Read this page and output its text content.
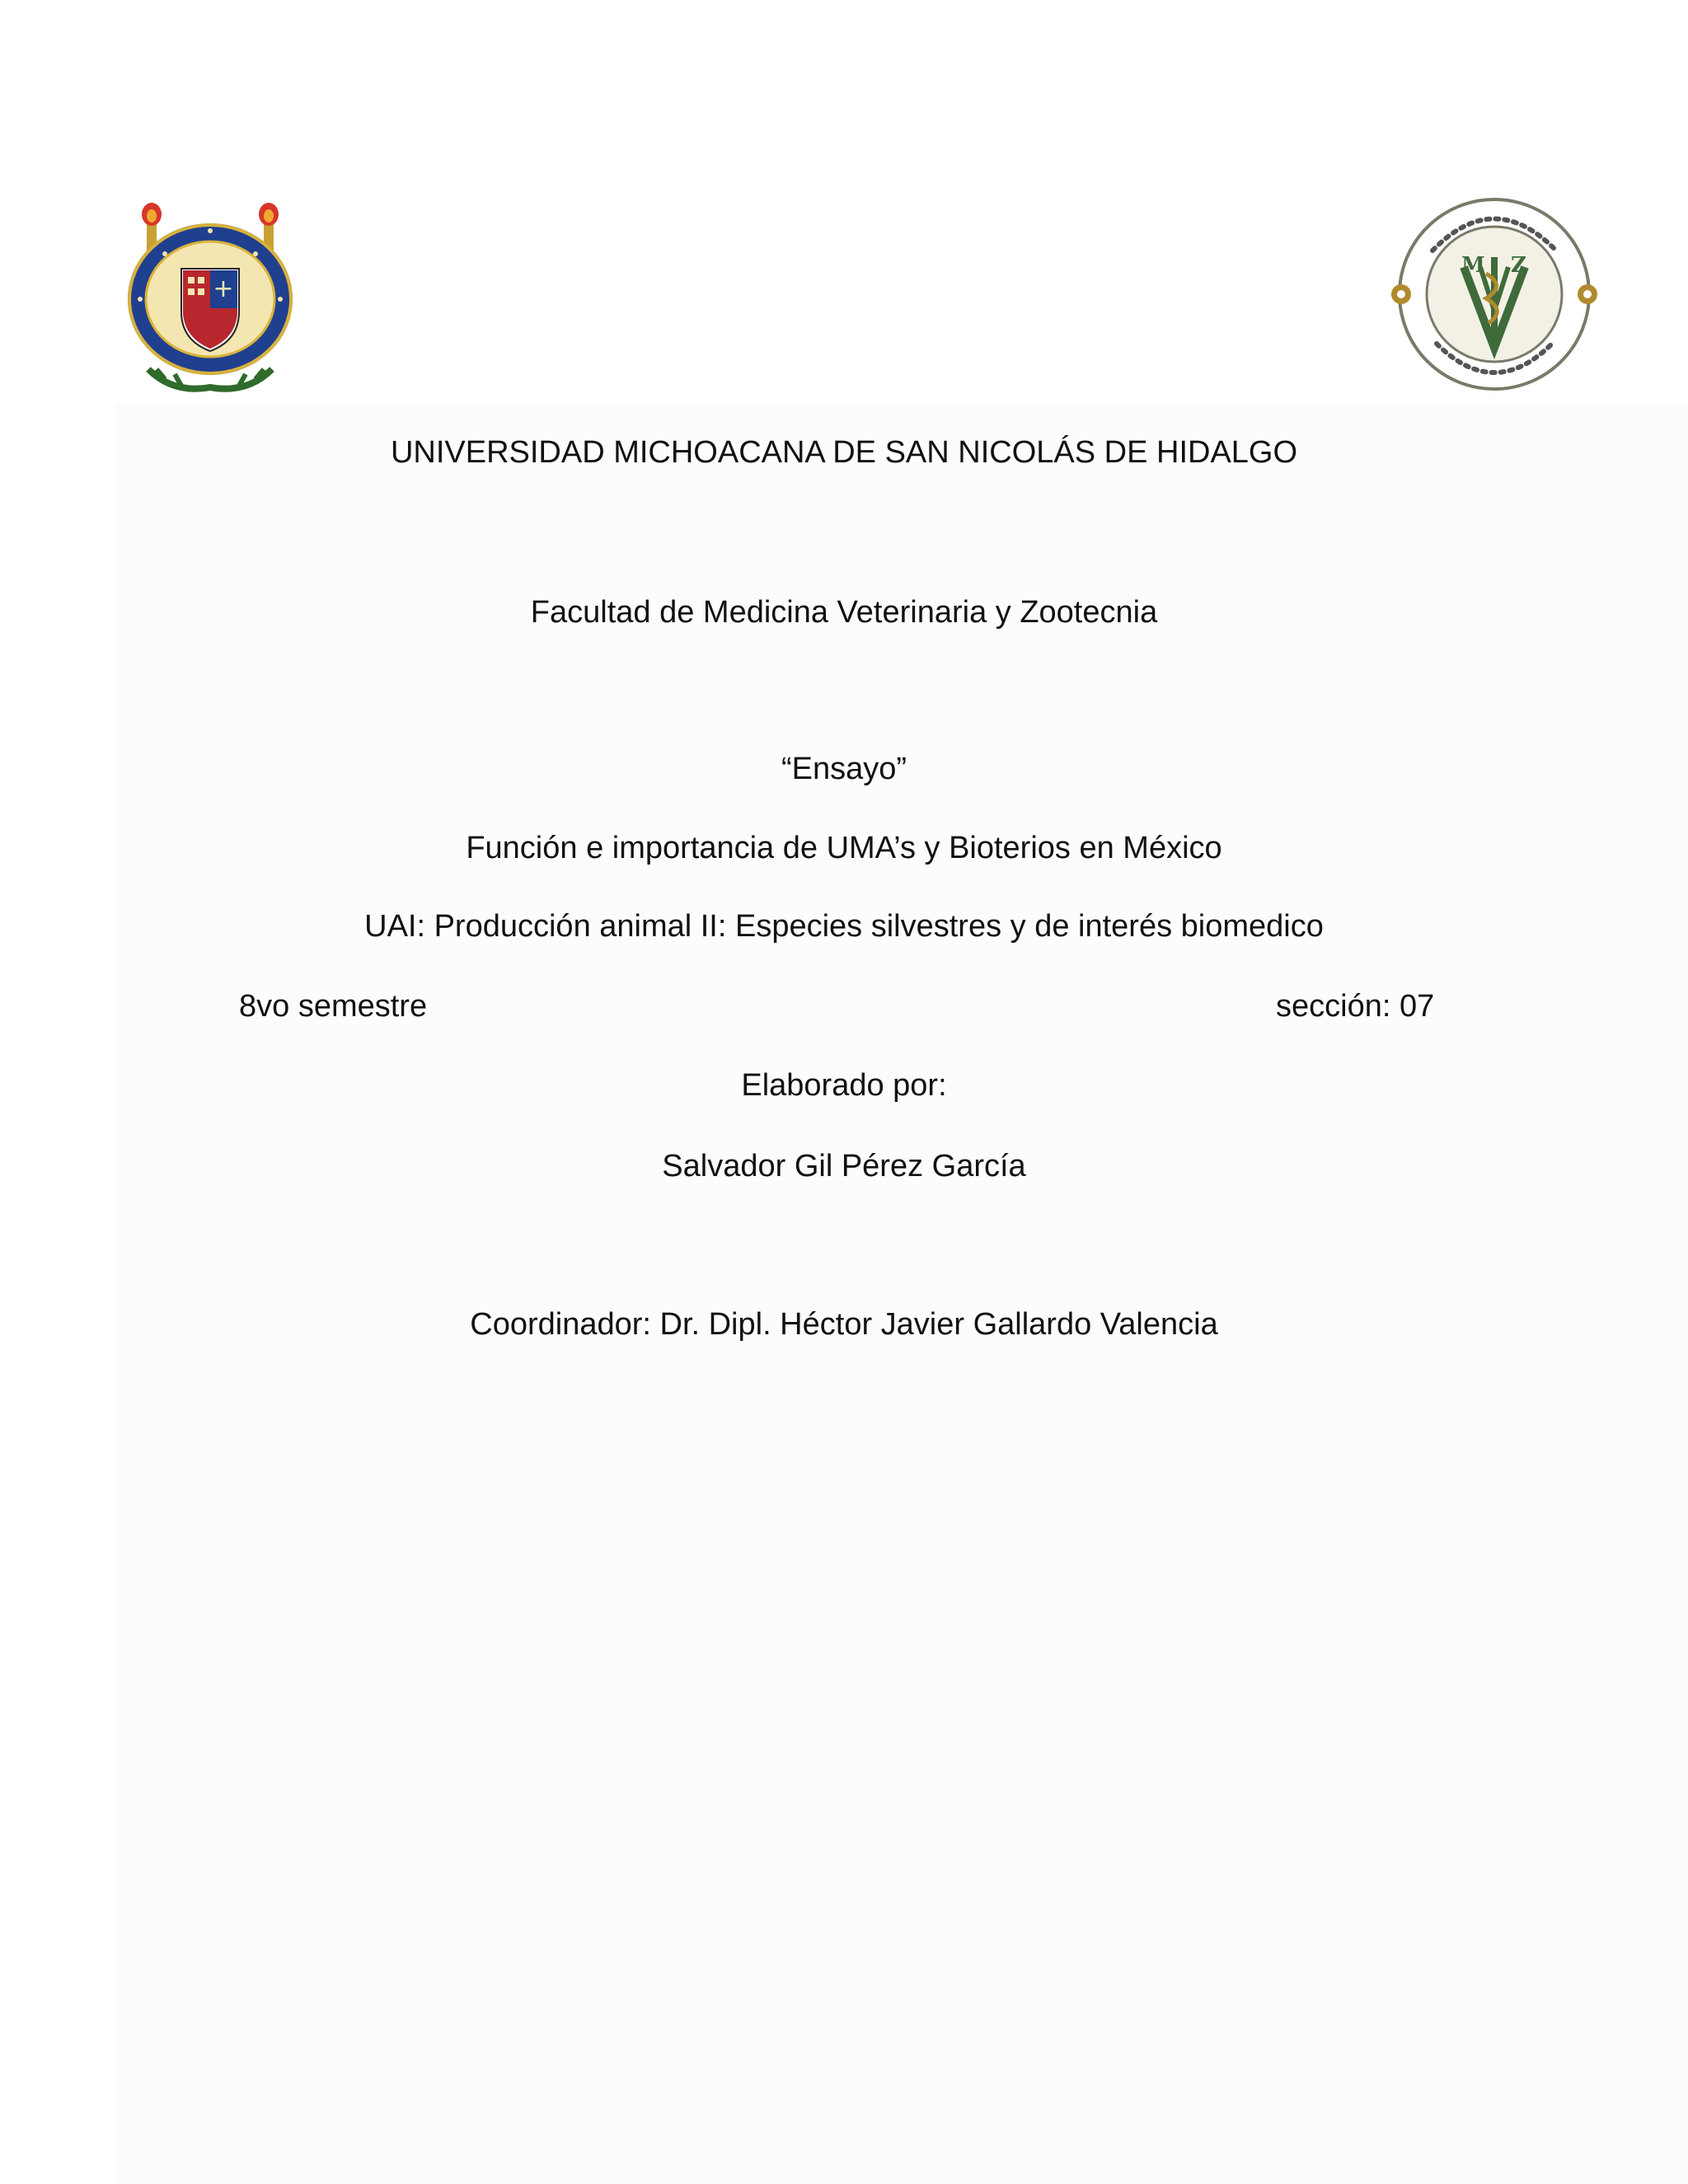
+
M Z
UNIVERSIDAD MICHOACANA DE SAN NICOLÁS DE HIDALGO

Facultad de Medicina Veterinaria y Zootecnia

“Ensayo”

Función e importancia de UMA’s y Bioterios en México

UAI: Producción animal II: Especies silvestres y de interés biomedico

8vo semestre	sección: 07

Elaborado por:

Salvador Gil Pérez García

Coordinador: Dr. Dipl. Héctor Javier Gallardo Valencia
